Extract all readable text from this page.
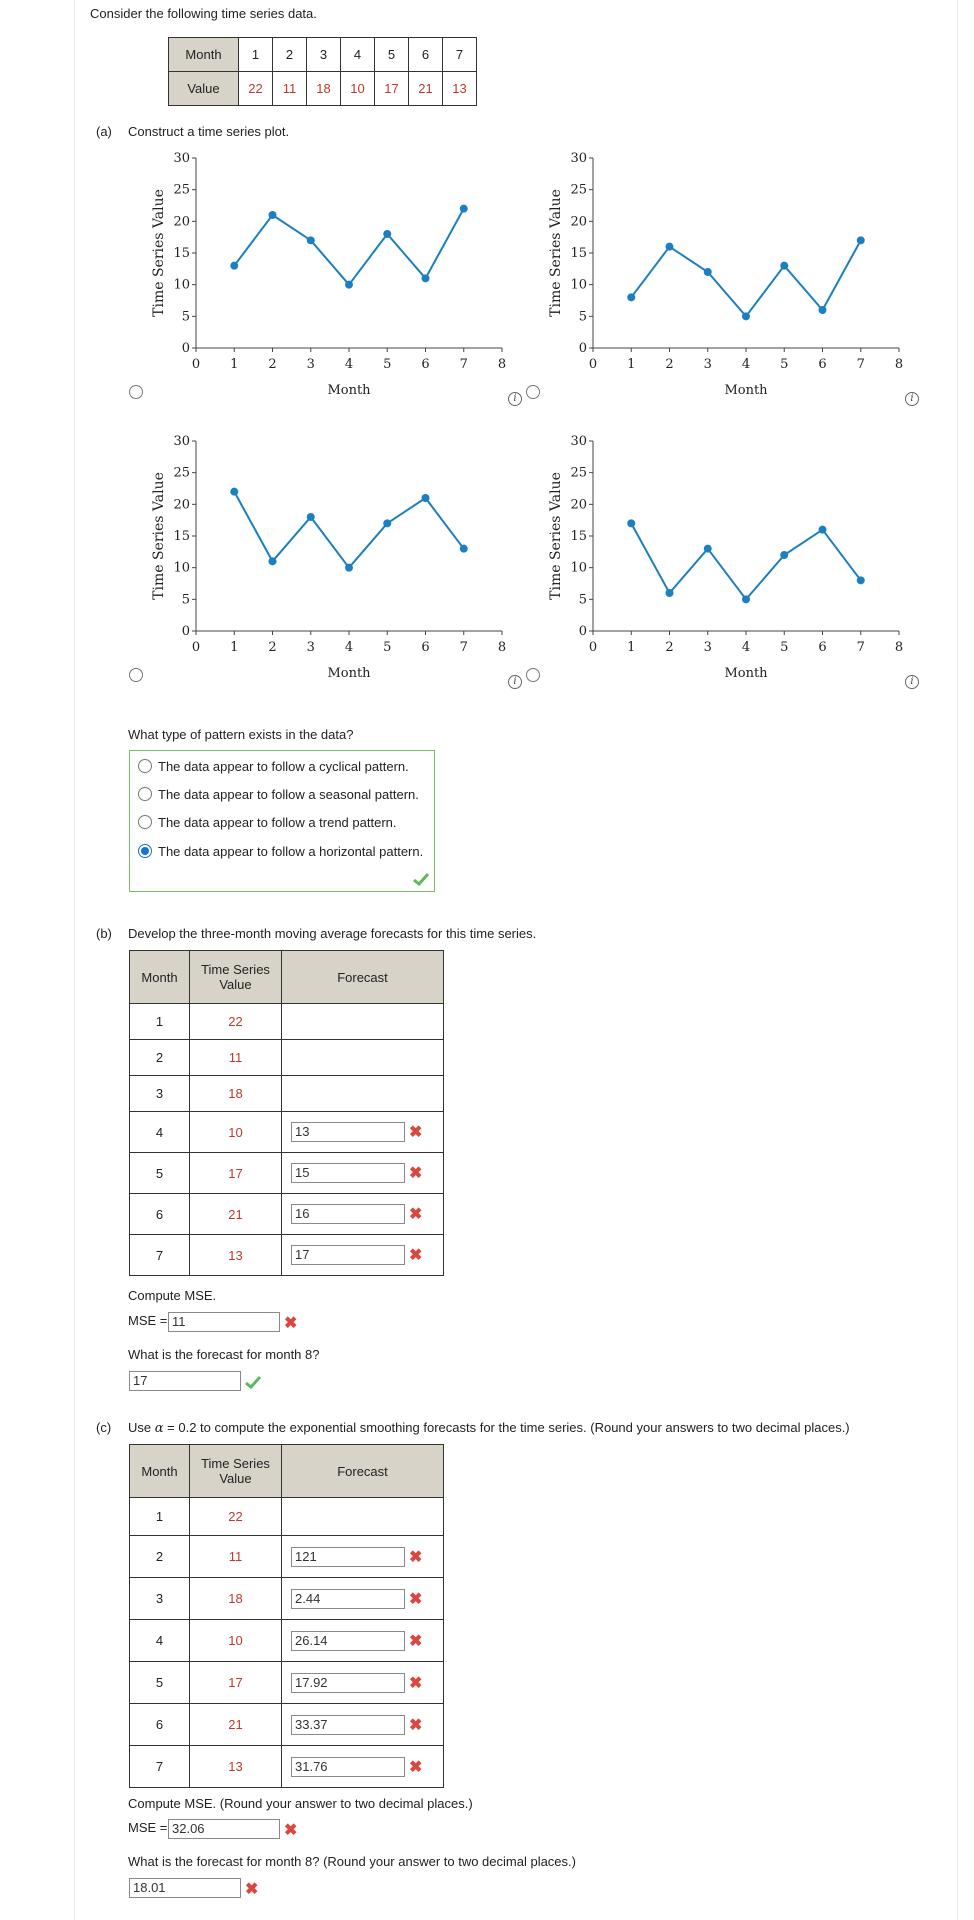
Consider the following time series data.
Month	1	2	3	4	5	6	7
Value	22	11	18	10	17	21	13
(a) Construct a time series plot.
0
5
10
15
20
25
30
0 1 2 3 4 5 6 7 8
Month
Time Series Value
0
5
10
15
20
25
30
0 1 2 3 4 5 6 7 8
Month
Time Series Value
0
5
10
15
20
25
30
0 1 2 3 4 5 6 7 8
Month
Time Series Value
0
5
10
15
20
25
30
0 1 2 3 4 5 6 7 8
Month
Time Series Value
i	i
i	i
What type of pattern exists in the data?
The data appear to follow a cyclical pattern.
The data appear to follow a seasonal pattern.
The data appear to follow a trend pattern.
The data appear to follow a horizontal pattern.
(b) Develop the three-month moving average forecasts for this time series.
Month	Time Series Value	Forecast
1	22	
2	11	
3	18	
4	10	13 ✖
5	17	15 ✖
6	21	16 ✖
7	13	17 ✖
Compute MSE.
MSE = 11	✖
What is the forecast for month 8?
17
(c) Use α = 0.2 to compute the exponential smoothing forecasts for the time series. (Round your answers to two decimal places.)
Month	Time Series Value	Forecast
1	22	
2	11	121 ✖
3	18	2.44 ✖
4	10	26.14 ✖
5	17	17.92 ✖
6	21	33.37 ✖
7	13	31.76 ✖
Compute MSE. (Round your answer to two decimal places.)
MSE = 32.06	✖
What is the forecast for month 8? (Round your answer to two decimal places.)
18.01	✖
